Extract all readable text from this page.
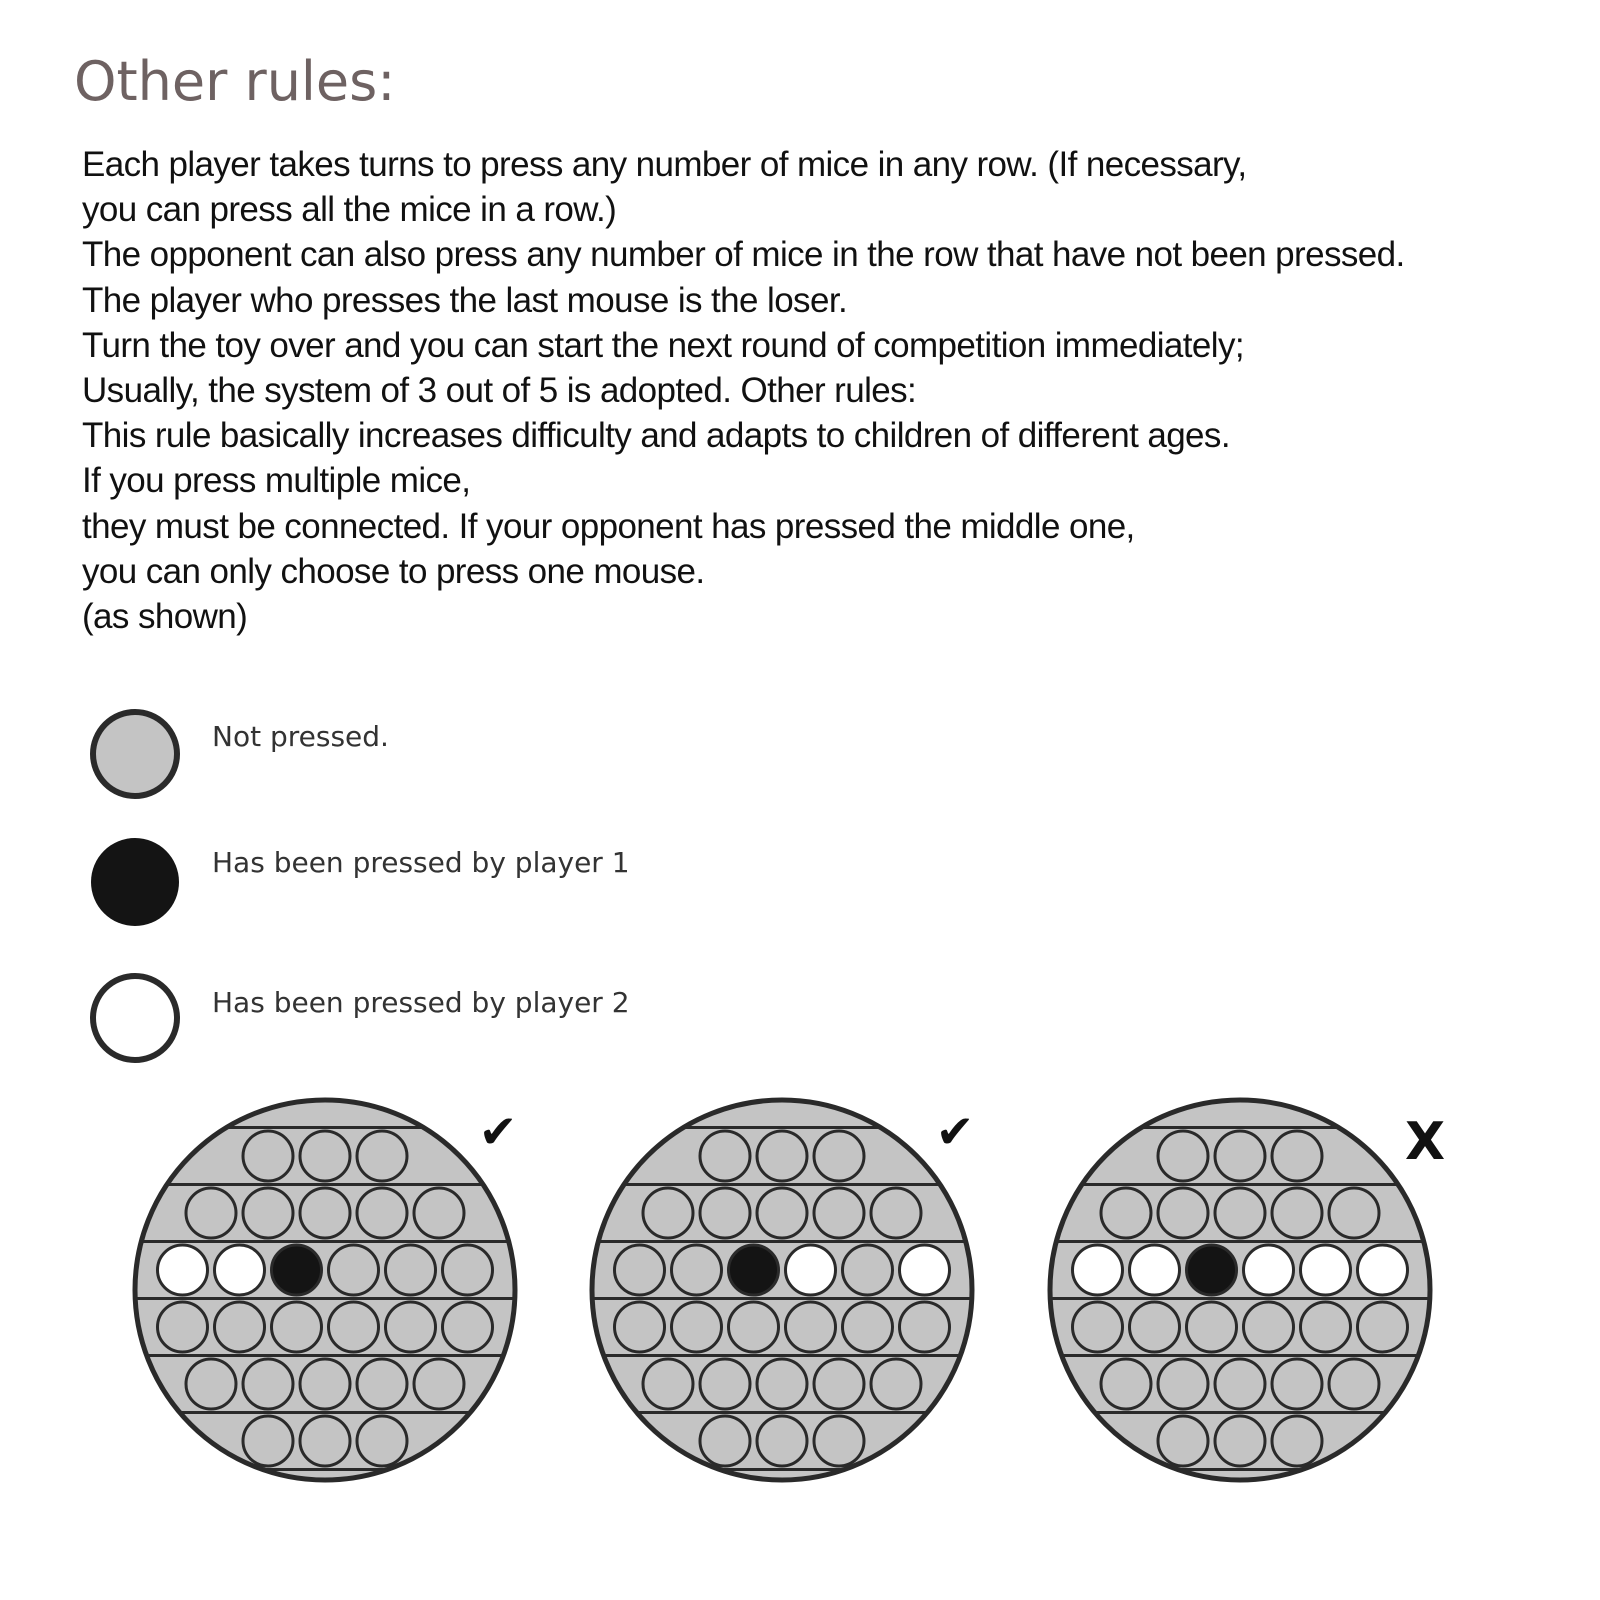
Other rules:
Each player takes turns to press any number of mice in any row. (If necessary,
you can press all the mice in a row.)
The opponent can also press any number of mice in the row that have not been pressed.
The player who presses the last mouse is the loser.
Turn the toy over and you can start the next round of competition immediately;
Usually, the system of 3 out of 5 is adopted. Other rules:
This rule basically increases difficulty and adapts to children of different ages.
If you press multiple mice,
they must be connected. If your opponent has pressed the middle one,
you can only choose to press one mouse.
(as shown)
Not pressed.
Has been pressed by player 1
Has been pressed by player 2
✔	✔	X
